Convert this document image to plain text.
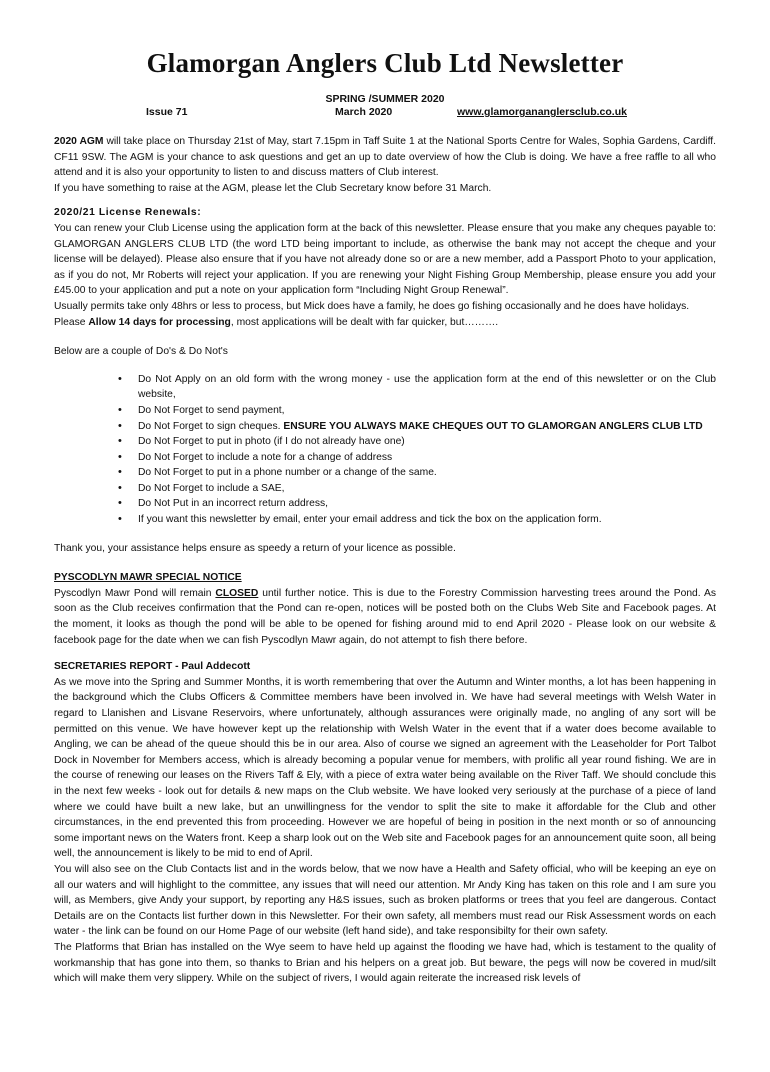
Glamorgan Anglers Club Ltd Newsletter
SPRING /SUMMER 2020
Issue 71	March 2020	www.glamorgananglersclub.co.uk

2020 AGM will take place on Thursday 21st of May, start 7.15pm in Taff Suite 1 at the National Sports Centre for Wales, Sophia Gardens, Cardiff. CF11 9SW. The AGM is your chance to ask questions and get an up to date overview of how the Club is doing. We have a free raffle to all who attend and it is also your opportunity to listen to and discuss matters of Club interest.

If you have something to raise at the AGM, please let the Club Secretary know before 31 March.

2020/21 License Renewals:

You can renew your Club License using the application form at the back of this newsletter. Please ensure that you make any cheques payable to: GLAMORGAN ANGLERS CLUB LTD (the word LTD being important to include, as otherwise the bank may not accept the cheque and your license will be delayed). Please also ensure that if you have not already done so or are a new member, add a Passport Photo to your application, as if you do not, Mr Roberts will reject your application. If you are renewing your Night Fishing Group Membership, please ensure you add your £45.00 to your application and put a note on your application form “Including Night Group Renewal”.

Usually permits take only 48hrs or less to process, but Mick does have a family, he does go fishing occasionally and he does have holidays.

Please Allow 14 days for processing, most applications will be dealt with far quicker, but……….

Below are a couple of Do's & Do Not's

• Do Not Apply on an old form with the wrong money - use the application form at the end of this newsletter or on the Club website,
• Do Not Forget to send payment,
• Do Not Forget to sign cheques. ENSURE YOU ALWAYS MAKE CHEQUES OUT TO GLAMORGAN ANGLERS CLUB LTD
• Do Not Forget to put in photo (if I do not already have one)
• Do Not Forget to include a note for a change of address
• Do Not Forget to put in a phone number or a change of the same.
• Do Not Forget to include a SAE,
• Do Not Put in an incorrect return address,
• If you want this newsletter by email, enter your email address and tick the box on the application form.

Thank you, your assistance helps ensure as speedy a return of your licence as possible.

PYSCODLYN MAWR SPECIAL NOTICE

Pyscodlyn Mawr Pond will remain CLOSED until further notice. This is due to the Forestry Commission harvesting trees around the Pond. As soon as the Club receives confirmation that the Pond can re-open, notices will be posted both on the Clubs Web Site and Facebook pages. At the moment, it looks as though the pond will be able to be opened for fishing around mid to end April 2020 - Please look on our website & facebook page for the date when we can fish Pyscodlyn Mawr again, do not attempt to fish there before.

SECRETARIES REPORT - Paul Addecott

As we move into the Spring and Summer Months, it is worth remembering that over the Autumn and Winter months, a lot has been happening in the background which the Clubs Officers & Committee members have been involved in. We have had several meetings with Welsh Water in regard to Llanishen and Lisvane Reservoirs, where unfortunately, although assurances were originally made, no angling of any sort will be permitted on this venue. We have however kept up the relationship with Welsh Water in the event that if a water does become available to Angling, we can be ahead of the queue should this be in our area. Also of course we signed an agreement with the Leaseholder for Port Talbot Dock in November for Members access, which is already becoming a popular venue for members, with prolific all year round fishing. We are in the course of renewing our leases on the Rivers Taff & Ely, with a piece of extra water being available on the River Taff. We should conclude this in the next few weeks - look out for details & new maps on the Club website. We have looked very seriously at the purchase of a piece of land where we could have built a new lake, but an unwillingness for the vendor to split the site to make it affordable for the Club and other circumstances, in the end prevented this from proceeding. However we are hopeful of being in position in the next month or so of announcing some important news on the Waters front. Keep a sharp look out on the Web site and Facebook pages for an announcement quite soon, all being well, the announcement is likely to be mid to end of April.

You will also see on the Club Contacts list and in the words below, that we now have a Health and Safety official, who will be keeping an eye on all our waters and will highlight to the committee, any issues that will need our attention. Mr Andy King has taken on this role and I am sure you will, as Members, give Andy your support, by reporting any H&S issues, such as broken platforms or trees that you feel are dangerous. Contact Details are on the Contacts list further down in this Newsletter. For their own safety, all members must read our Risk Assessment words on each water - the link can be found on our Home Page of our website (left hand side), and take responsibilty for their own safety.

The Platforms that Brian has installed on the Wye seem to have held up against the flooding we have had, which is testament to the quality of workmanship that has gone into them, so thanks to Brian and his helpers on a great job. But beware, the pegs will now be covered in mud/silt which will make them very slippery. While on the subject of rivers, I would again reiterate the increased risk levels of
